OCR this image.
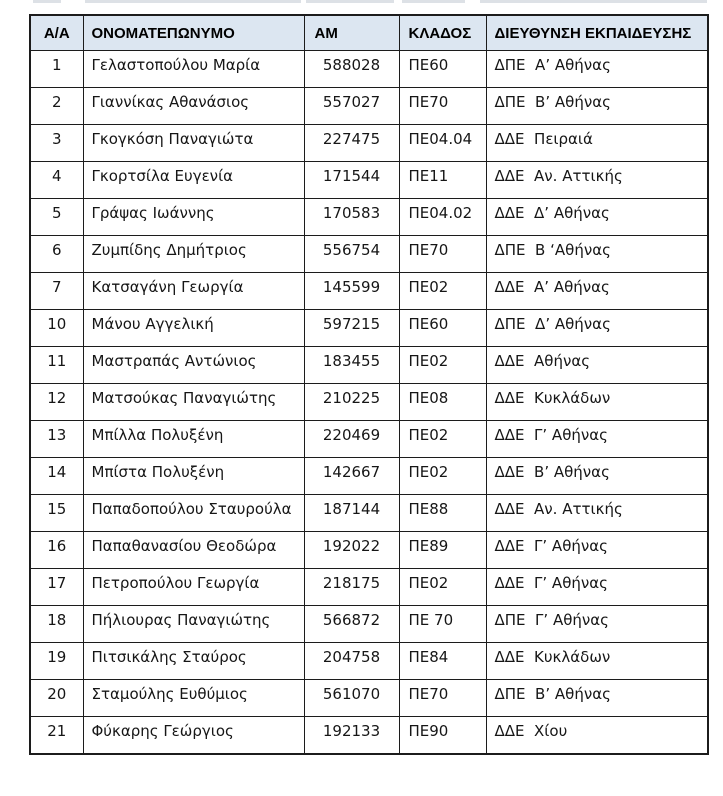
Α/Α	ΟΝΟΜΑΤΕΠΩΝΥΜΟ	ΑΜ	ΚΛΑΔΟΣ	ΔΙΕΥΘΥΝΣΗ ΕΚΠΑΙΔΕΥΣΗΣ
1	Γελαστοπούλου Μαρία	588028	ΠΕ60	ΔΠΕ  Α’ Αθήνας
2	Γιαννίκας Αθανάσιος	557027	ΠΕ70	ΔΠΕ  Β’ Αθήνας
3	Γκογκόση Παναγιώτα	227475	ΠΕ04.04	ΔΔΕ  Πειραιά
4	Γκορτσίλα Ευγενία	171544	ΠΕ11	ΔΔΕ  Αν. Αττικής
5	Γράψας Ιωάννης	170583	ΠΕ04.02	ΔΔΕ  Δ’ Αθήνας
6	Ζυμπίδης Δημήτριος	556754	ΠΕ70	ΔΠΕ  Β ‘Αθήνας
7	Κατσαγάνη Γεωργία	145599	ΠΕ02	ΔΔΕ  Α’ Αθήνας
10	Μάνου Αγγελική	597215	ΠΕ60	ΔΠΕ  Δ’ Αθήνας
11	Μαστραπάς Αντώνιος	183455	ΠΕ02	ΔΔΕ  Αθήνας
12	Ματσούκας Παναγιώτης	210225	ΠΕ08	ΔΔΕ  Κυκλάδων
13	Μπίλλα Πολυξένη	220469	ΠΕ02	ΔΔΕ  Γ’ Αθήνας
14	Μπίστα Πολυξένη	142667	ΠΕ02	ΔΔΕ  Β’ Αθήνας
15	Παπαδοπούλου Σταυρούλα	187144	ΠΕ88	ΔΔΕ  Αν. Αττικής
16	Παπαθανασίου Θεοδώρα	192022	ΠΕ89	ΔΔΕ  Γ’ Αθήνας
17	Πετροπούλου Γεωργία	218175	ΠΕ02	ΔΔΕ  Γ’ Αθήνας
18	Πήλιουρας Παναγιώτης	566872	ΠΕ 70	ΔΠΕ  Γ’ Αθήνας
19	Πιτσικάλης Σταύρος	204758	ΠΕ84	ΔΔΕ  Κυκλάδων
20	Σταμούλης Ευθύμιος	561070	ΠΕ70	ΔΠΕ  Β’ Αθήνας
21	Φύκαρης Γεώργιος	192133	ΠΕ90	ΔΔΕ  Χίου
